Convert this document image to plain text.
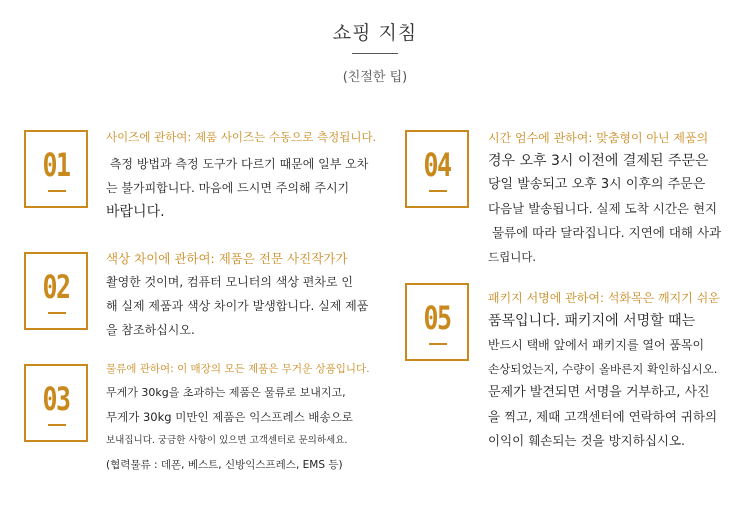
쇼핑 지침
(친절한 팁)
01
사이즈에 관하여: 제품 사이즈는 수동으로 측정됩니다.
측정 방법과 측정 도구가 다르기 때문에 일부 오차
는 불가피합니다. 마음에 드시면 주의해 주시기
바랍니다.
02
색상 차이에 관하여: 제품은 전문 사진작가가
촬영한 것이며, 컴퓨터 모니터의 색상 편차로 인
해 실제 제품과 색상 차이가 발생합니다. 실제 제품
을 참조하십시오.
03
물류에 관하여: 이 매장의 모든 제품은 무거운 상품입니다.
무게가 30kg을 초과하는 제품은 물류로 보내지고,
무게가 30kg 미만인 제품은 익스프레스 배송으로
보내집니다. 궁금한 사항이 있으면 고객센터로 문의하세요.
(협력물류 : 데폰, 베스트, 신방익스프레스, EMS 등)
04
시간 엄수에 관하여: 맞춤형이 아닌 제품의
경우 오후 3시 이전에 결제된 주문은
당일 발송되고 오후 3시 이후의 주문은
다음날 발송됩니다. 실제 도착 시간은 현지
물류에 따라 달라집니다. 지연에 대해 사과
드립니다.
05
패키지 서명에 관하여: 석화목은 깨지기 쉬운
품목입니다. 패키지에 서명할 때는
반드시 택배 앞에서 패키지를 열어 품목이
손상되었는지, 수량이 올바른지 확인하십시오.
문제가 발견되면 서명을 거부하고, 사진
을 찍고, 제때 고객센터에 연락하여 귀하의
이익이 훼손되는 것을 방지하십시오.
